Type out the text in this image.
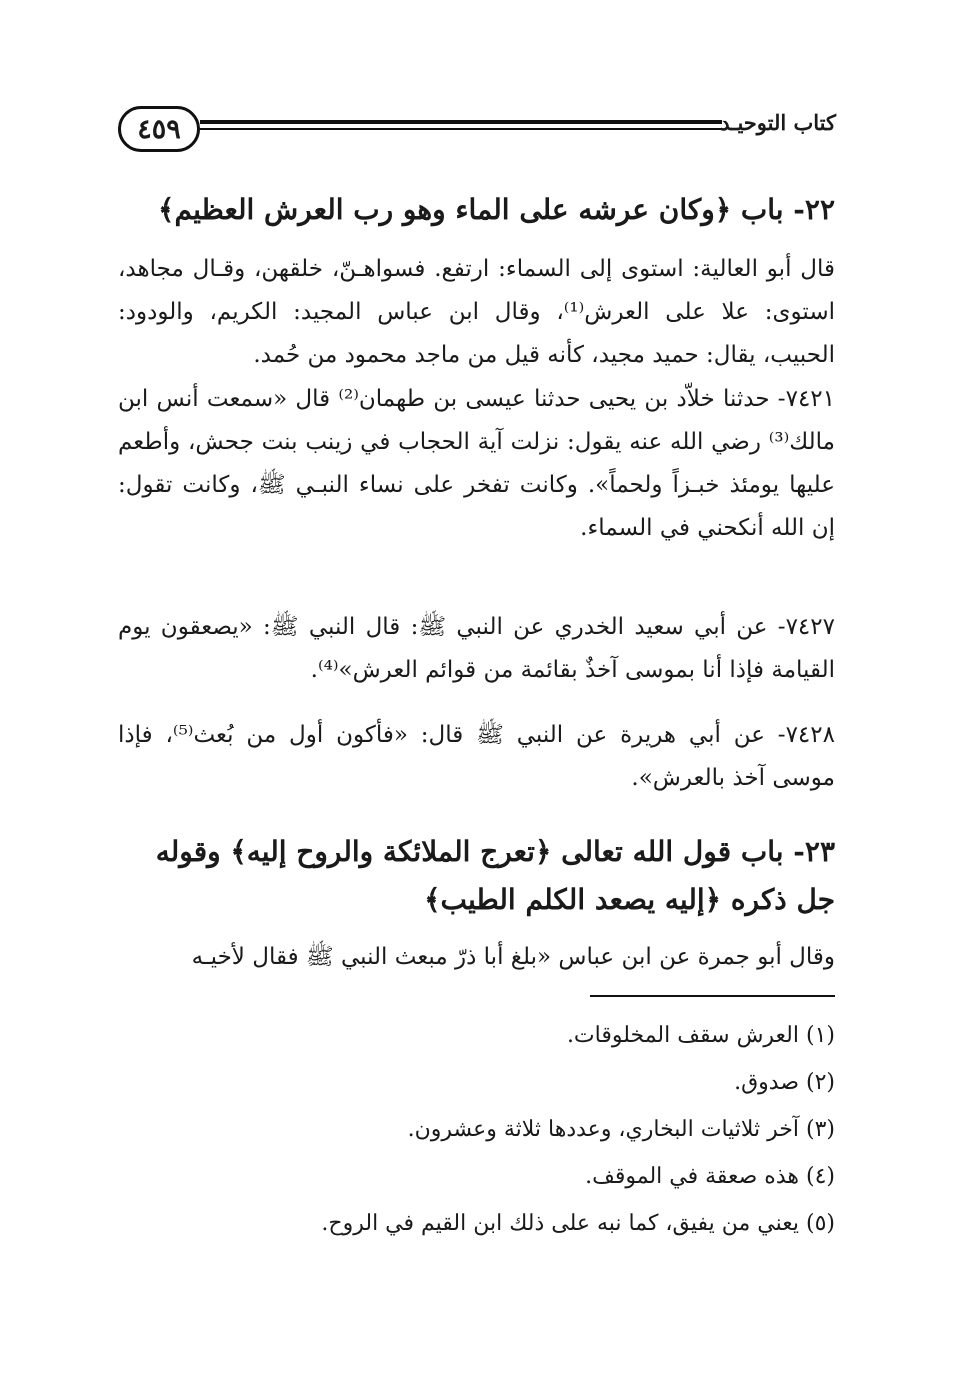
٤٥٩	كتاب التوحيـد
٢٢- باب ﴿وكان عرشه على الماء وهو رب العرش العظيم﴾
قال أبو العالية: استوى إلى السماء: ارتفع. فسواهـنّ، خلقهن، وقـال مجاهد، استوى: علا على العرش⁽¹⁾، وقال ابن عباس المجيد: الكريم، والودود: الحبيب، يقال: حميد مجيد، كأنه قيل من ماجد محمود من حُمد.
٧٤٢١- حدثنا خلاّد بن يحيى حدثنا عيسى بن طهمان⁽²⁾ قال «سمعت أنس ابن مالك⁽³⁾ رضي الله عنه يقول: نزلت آية الحجاب في زينب بنت جحش، وأطعم عليها يومئذ خبـزاً ولحماً». وكانت تفخر على نساء النبـي ﷺ، وكانت تقول: إن الله أنكحني في السماء.
٧٤٢٧- عن أبي سعيد الخدري عن النبي ﷺ: قال النبي ﷺ: «يصعقون يوم القيامة فإذا أنا بموسى آخذٌ بقائمة من قوائم العرش»⁽⁴⁾.
٧٤٢٨- عن أبي هريرة عن النبي ﷺ قال: «فأكون أول من بُعث⁽⁵⁾، فإذا موسى آخذ بالعرش».
٢٣- باب قول الله تعالى ﴿تعرج الملائكة والروح إليه﴾ وقوله جل ذكره ﴿إليه يصعد الكلم الطيب﴾
وقال أبو جمرة عن ابن عباس «بلغ أبا ذرّ مبعث النبي ﷺ فقال لأخيـه
(١) العرش سقف المخلوقات.
(٢) صدوق.
(٣) آخر ثلاثيات البخاري، وعددها ثلاثة وعشرون.
(٤) هذه صعقة في الموقف.
(٥) يعني من يفيق، كما نبه على ذلك ابن القيم في الروح.
